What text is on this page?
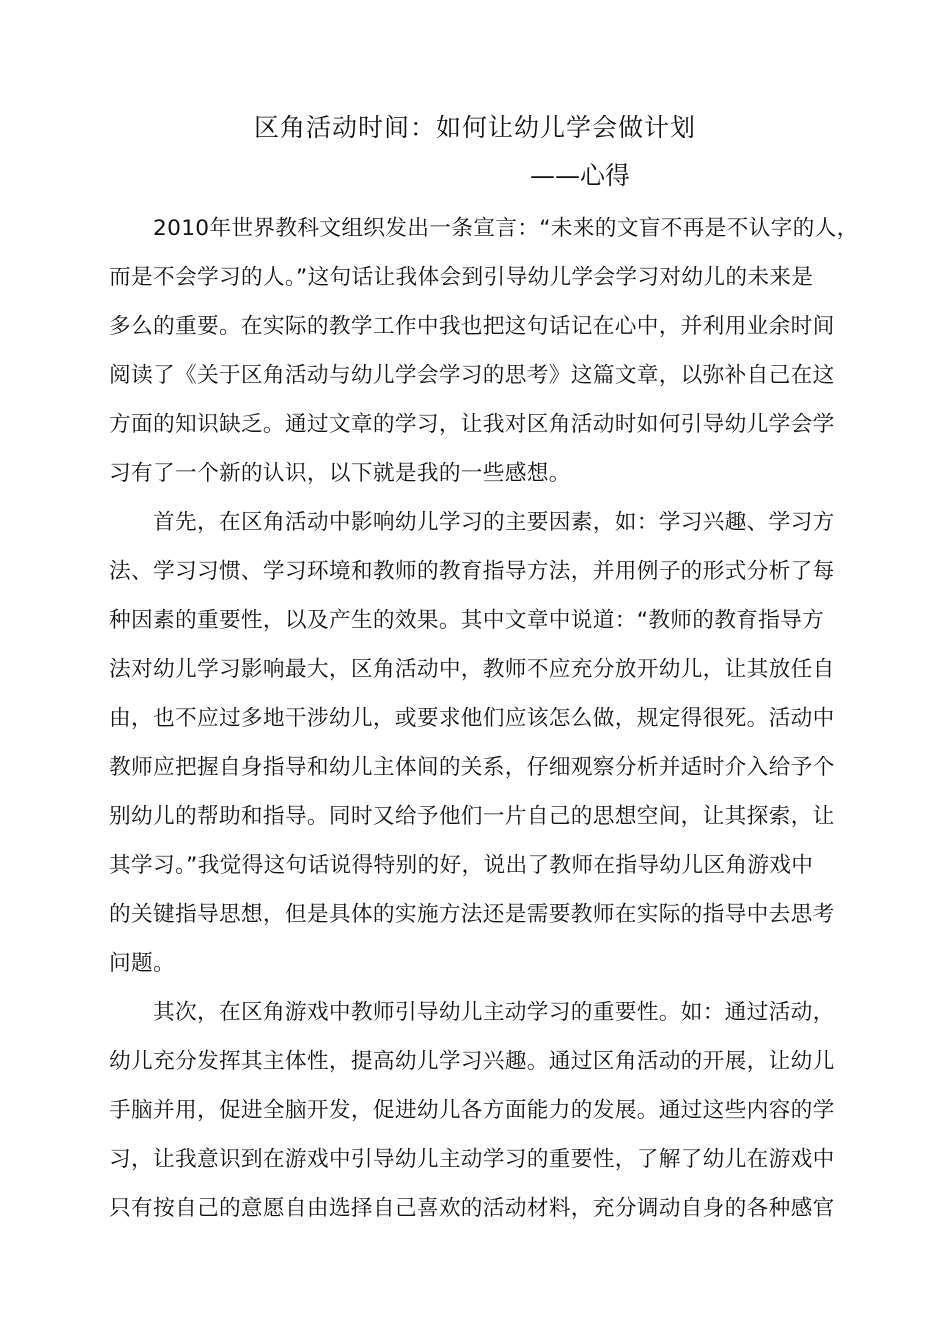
区角活动时间：如何让幼儿学会做计划
——心得

2010年世界教科文组织发出一条宣言：“未来的文盲不再是不认字的人，
而是不会学习的人。”这句话让我体会到引导幼儿学会学习对幼儿的未来是
多么的重要。在实际的教学工作中我也把这句话记在心中，并利用业余时间
阅读了《关于区角活动与幼儿学会学习的思考》这篇文章，以弥补自己在这
方面的知识缺乏。通过文章的学习，让我对区角活动时如何引导幼儿学会学
习有了一个新的认识，以下就是我的一些感想。

首先，在区角活动中影响幼儿学习的主要因素，如：学习兴趣、学习方
法、学习习惯、学习环境和教师的教育指导方法，并用例子的形式分析了每
种因素的重要性，以及产生的效果。其中文章中说道：“教师的教育指导方
法对幼儿学习影响最大，区角活动中，教师不应充分放开幼儿，让其放任自
由，也不应过多地干涉幼儿，或要求他们应该怎么做，规定得很死。活动中
教师应把握自身指导和幼儿主体间的关系，仔细观察分析并适时介入给予个
别幼儿的帮助和指导。同时又给予他们一片自己的思想空间，让其探索，让
其学习。”我觉得这句话说得特别的好，说出了教师在指导幼儿区角游戏中
的关键指导思想，但是具体的实施方法还是需要教师在实际的指导中去思考
问题。

其次，在区角游戏中教师引导幼儿主动学习的重要性。如：通过活动，
幼儿充分发挥其主体性，提高幼儿学习兴趣。通过区角活动的开展，让幼儿
手脑并用，促进全脑开发，促进幼儿各方面能力的发展。通过这些内容的学
习，让我意识到在游戏中引导幼儿主动学习的重要性，了解了幼儿在游戏中
只有按自己的意愿自由选择自己喜欢的活动材料，充分调动自身的各种感官
